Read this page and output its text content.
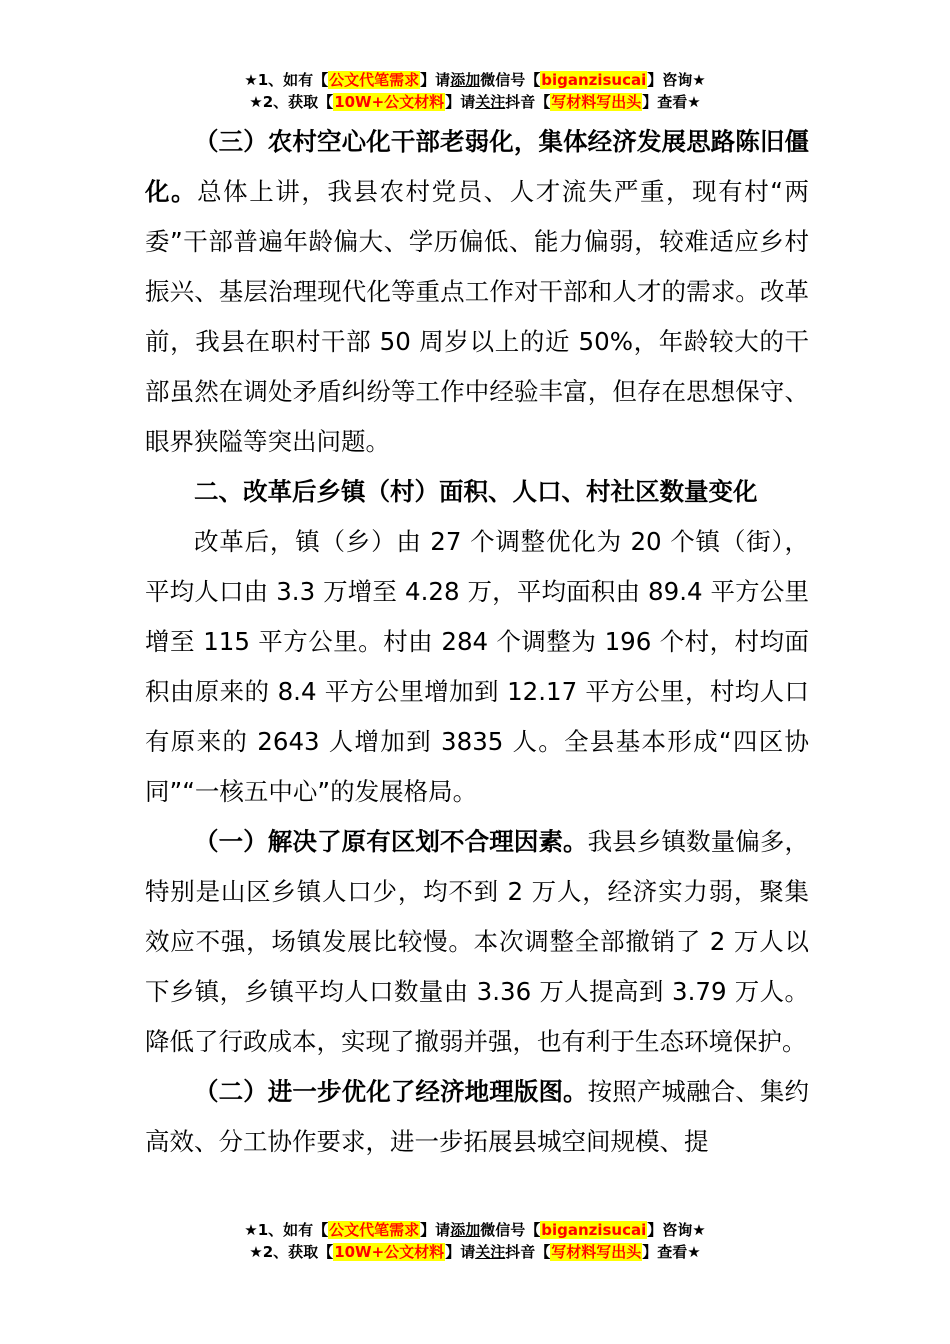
★1、如有【公文代笔需求】请添加微信号【biganzisucai】咨询★
★2、获取【10W+公文材料】请关注抖音【写材料写出头】查看★

（三）农村空心化干部老弱化，集体经济发展思路陈旧僵化。总体上讲，我县农村党员、人才流失严重，现有村“两委”干部普遍年龄偏大、学历偏低、能力偏弱，较难适应乡村振兴、基层治理现代化等重点工作对干部和人才的需求。改革前，我县在职村干部 50 周岁以上的近 50%，年龄较大的干部虽然在调处矛盾纠纷等工作中经验丰富，但存在思想保守、眼界狭隘等突出问题。

二、改革后乡镇（村）面积、人口、村社区数量变化

改革后，镇（乡）由 27 个调整优化为 20 个镇（街），平均人口由 3.3 万增至 4.28 万，平均面积由 89.4 平方公里增至 115 平方公里。村由 284 个调整为 196 个村，村均面积由原来的 8.4 平方公里增加到 12.17 平方公里，村均人口有原来的 2643 人增加到 3835 人。全县基本形成“四区协同”“一核五中心”的发展格局。

（一）解决了原有区划不合理因素。我县乡镇数量偏多，特别是山区乡镇人口少，均不到 2 万人，经济实力弱，聚集效应不强，场镇发展比较慢。本次调整全部撤销了 2 万人以下乡镇，乡镇平均人口数量由 3.36 万人提高到 3.79 万人。降低了行政成本，实现了撤弱并强，也有利于生态环境保护。

（二）进一步优化了经济地理版图。按照产城融合、集约高效、分工协作要求，进一步拓展县城空间规模、提

★1、如有【公文代笔需求】请添加微信号【biganzisucai】咨询★
★2、获取【10W+公文材料】请关注抖音【写材料写出头】查看★
